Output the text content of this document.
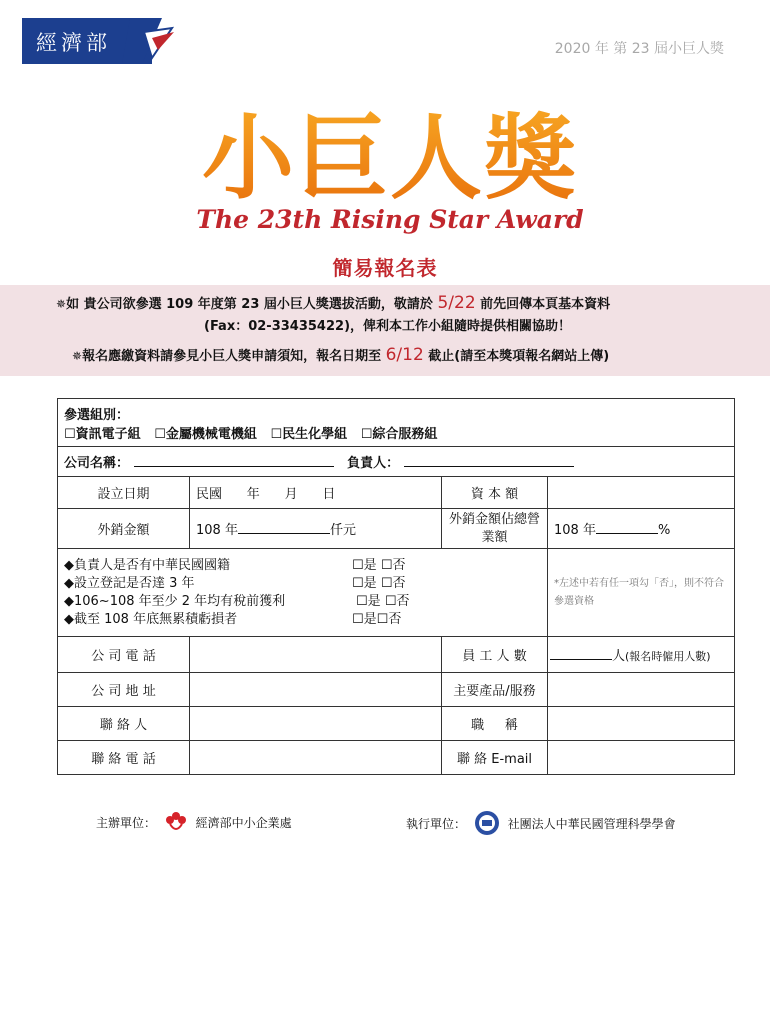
經濟部	2020 年 第 23 屆小巨人獎
小巨人獎
The 23th Rising Star Award
簡易報名表
✵如 貴公司欲參選 109 年度第 23 屆小巨人獎選拔活動，敬請於 5/22 前先回傳本頁基本資料
(Fax：02-33435422)，俾利本工作小組隨時提供相關協助！
✵報名應繳資料請參見小巨人獎申請須知，報名日期至 6/12 截止(請至本獎項報名網站上傳)
參選組別：
☐資訊電子組 ☐金屬機械電機組 ☐民生化學組 ☐綜合服務組			

公司名稱： 負責人：			
設立日期	民國      年      月      日	資 本 額	
外銷金額	108 年 仟元	外銷金額佔總營業額	108 年 %

◆負責人是否有中華民國國籍 ☐是 ☐否
◆設立登記是否達 3 年 ☐是 ☐否
◆106~108 年至少 2 年均有稅前獲利 ☐是 ☐否
◆截至 108 年底無累積虧損者 ☐是☐否			*左述中若有任一項勾「否」，則不符合參選資格
公 司 電 話		員 工 人 數	人(報名時僱用人數)
公 司 地 址		主要產品/服務	
聯 絡 人		職     稱	
聯 絡 電 話		聯 絡 E-mail	
主辦單位：	經濟部中小企業處	執行單位：	社團法人中華民國管理科學學會
